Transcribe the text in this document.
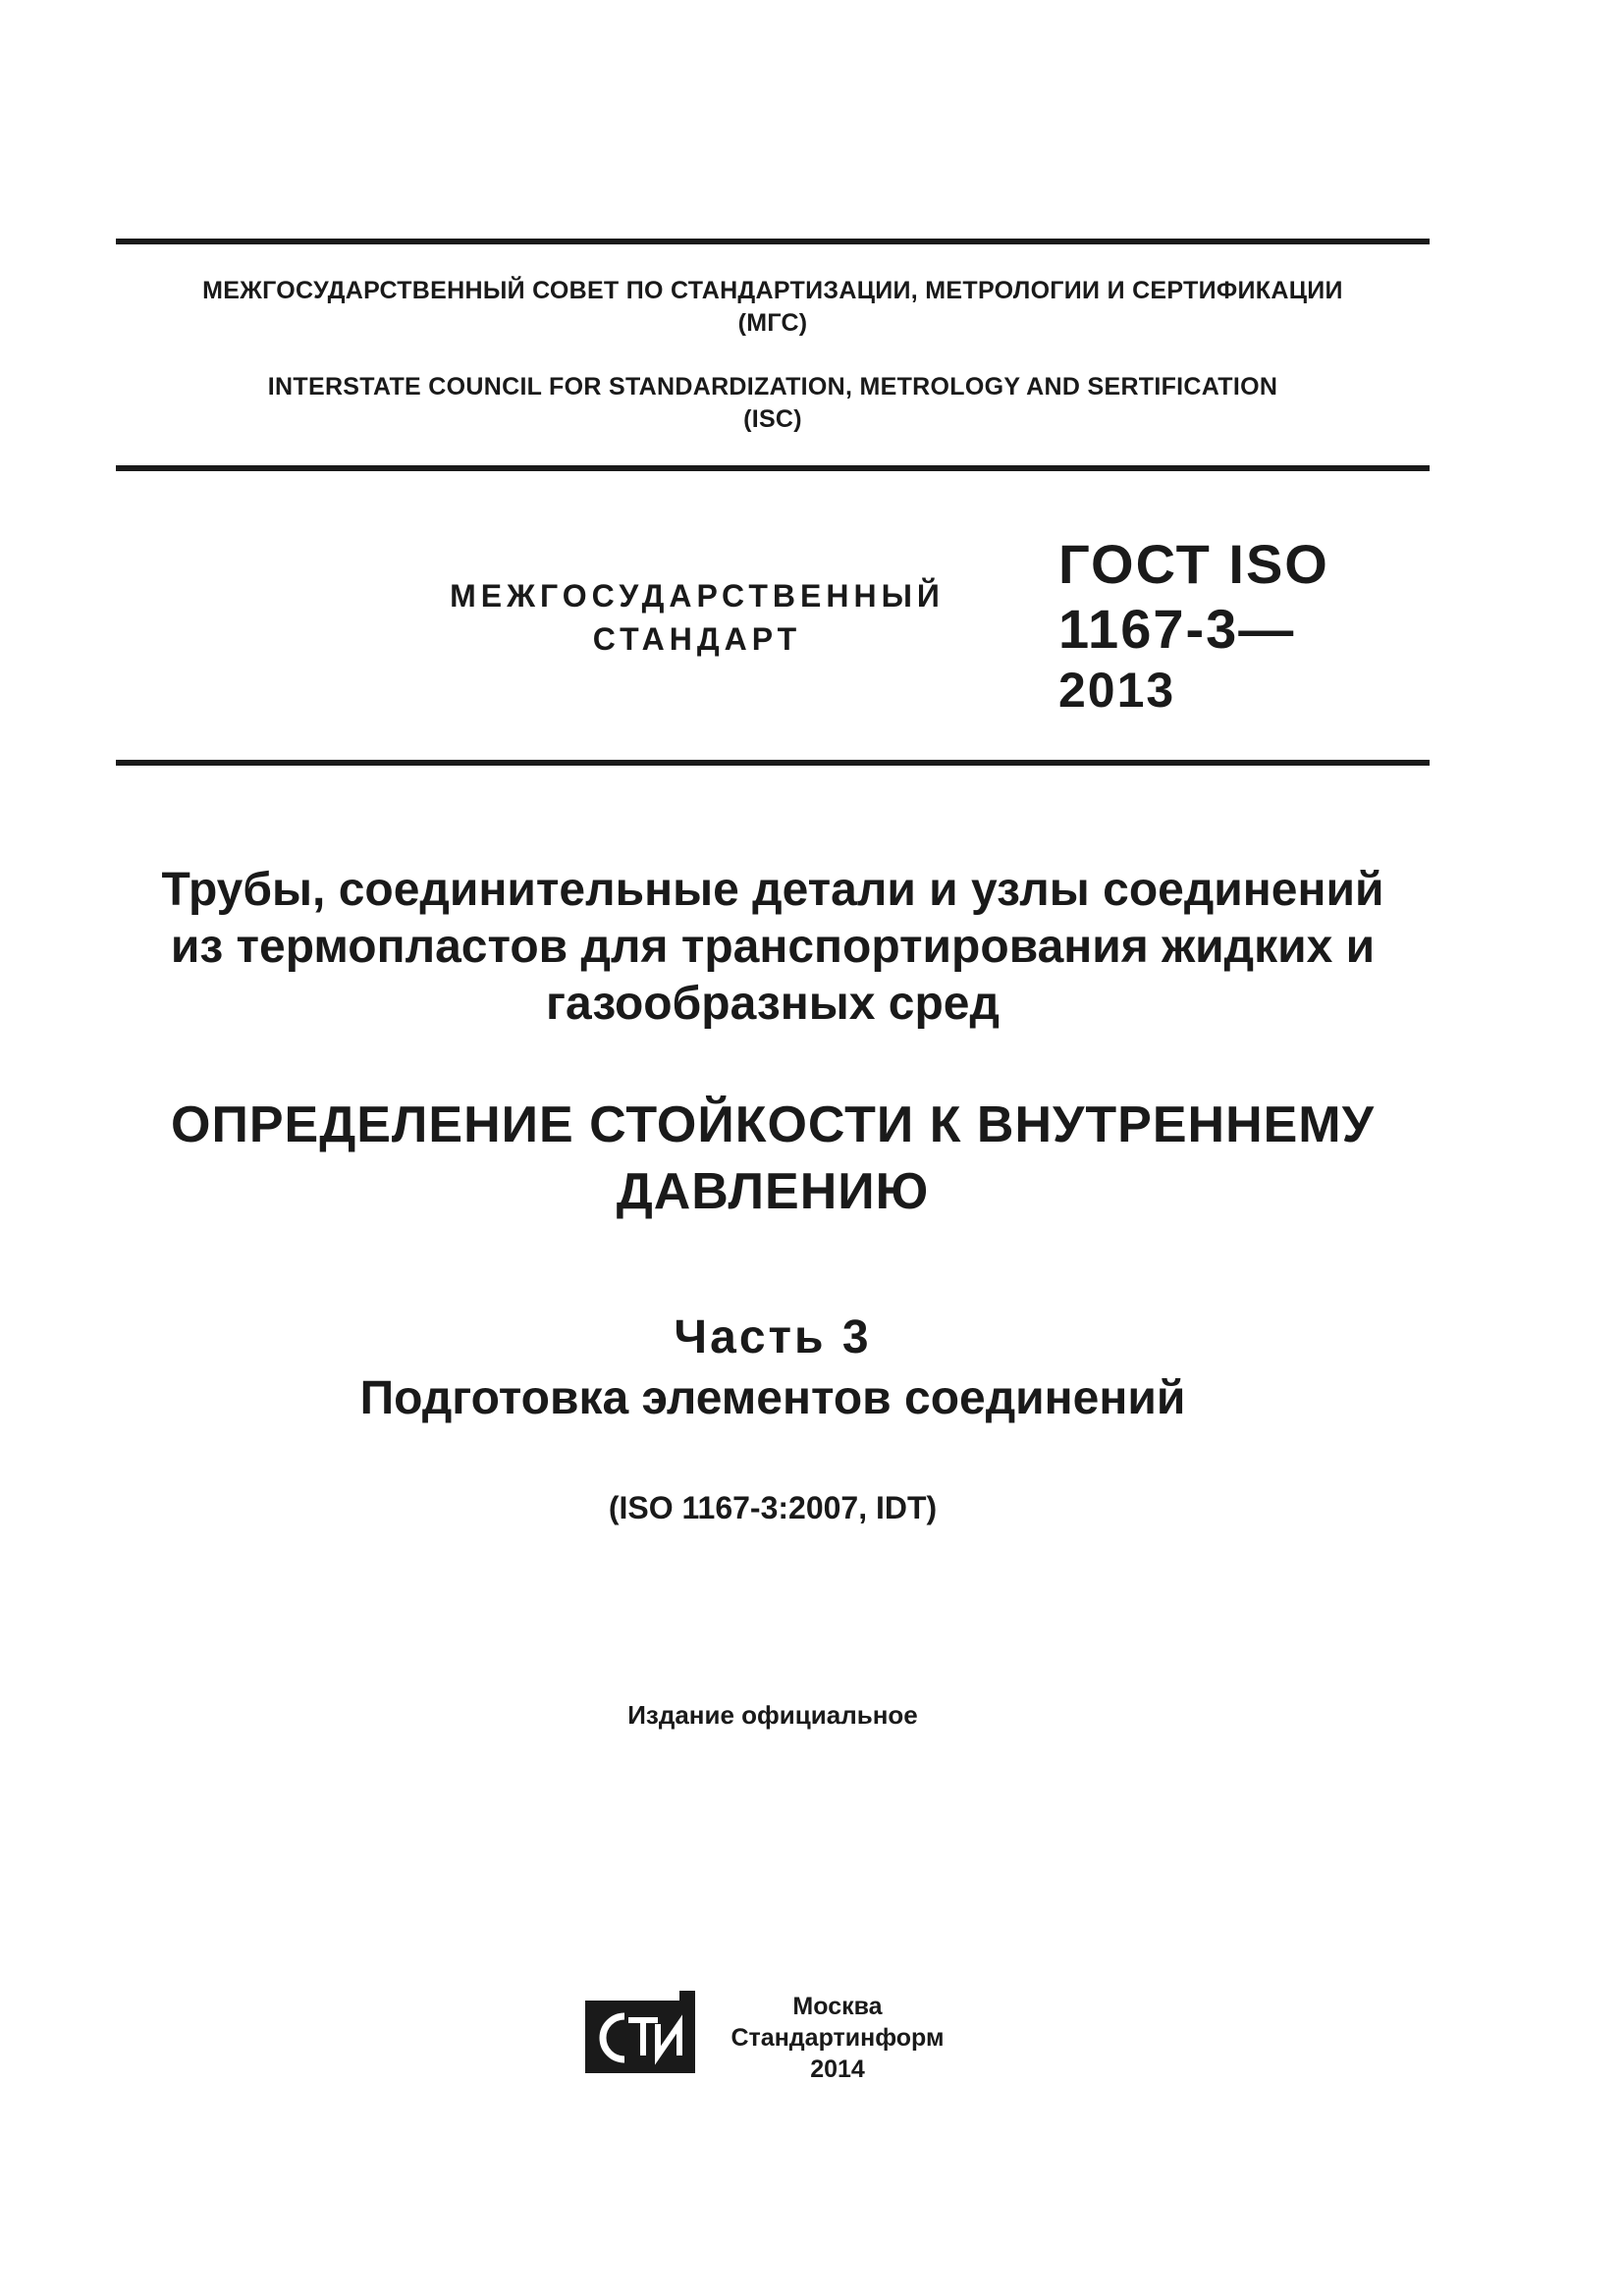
МЕЖГОСУДАРСТВЕННЫЙ СОВЕТ ПО СТАНДАРТИЗАЦИИ, МЕТРОЛОГИИ И СЕРТИФИКАЦИИ
(МГС)
INTERSTATE COUNCIL FOR STANDARDIZATION, METROLOGY AND SERTIFICATION
(ISC)
МЕЖГОСУДАРСТВЕННЫЙ
СТАНДАРТ
ГОСТ ISO
1167-3—
2013
Трубы, соединительные детали и узлы соединений
из термопластов для транспортирования жидких и
газообразных сред
ОПРЕДЕЛЕНИЕ СТОЙКОСТИ К ВНУТРЕННЕМУ
ДАВЛЕНИЮ
Часть 3
Подготовка элементов соединений
(ISO 1167-3:2007, IDT)
Издание официальное
Москва
Стандартинформ
2014
